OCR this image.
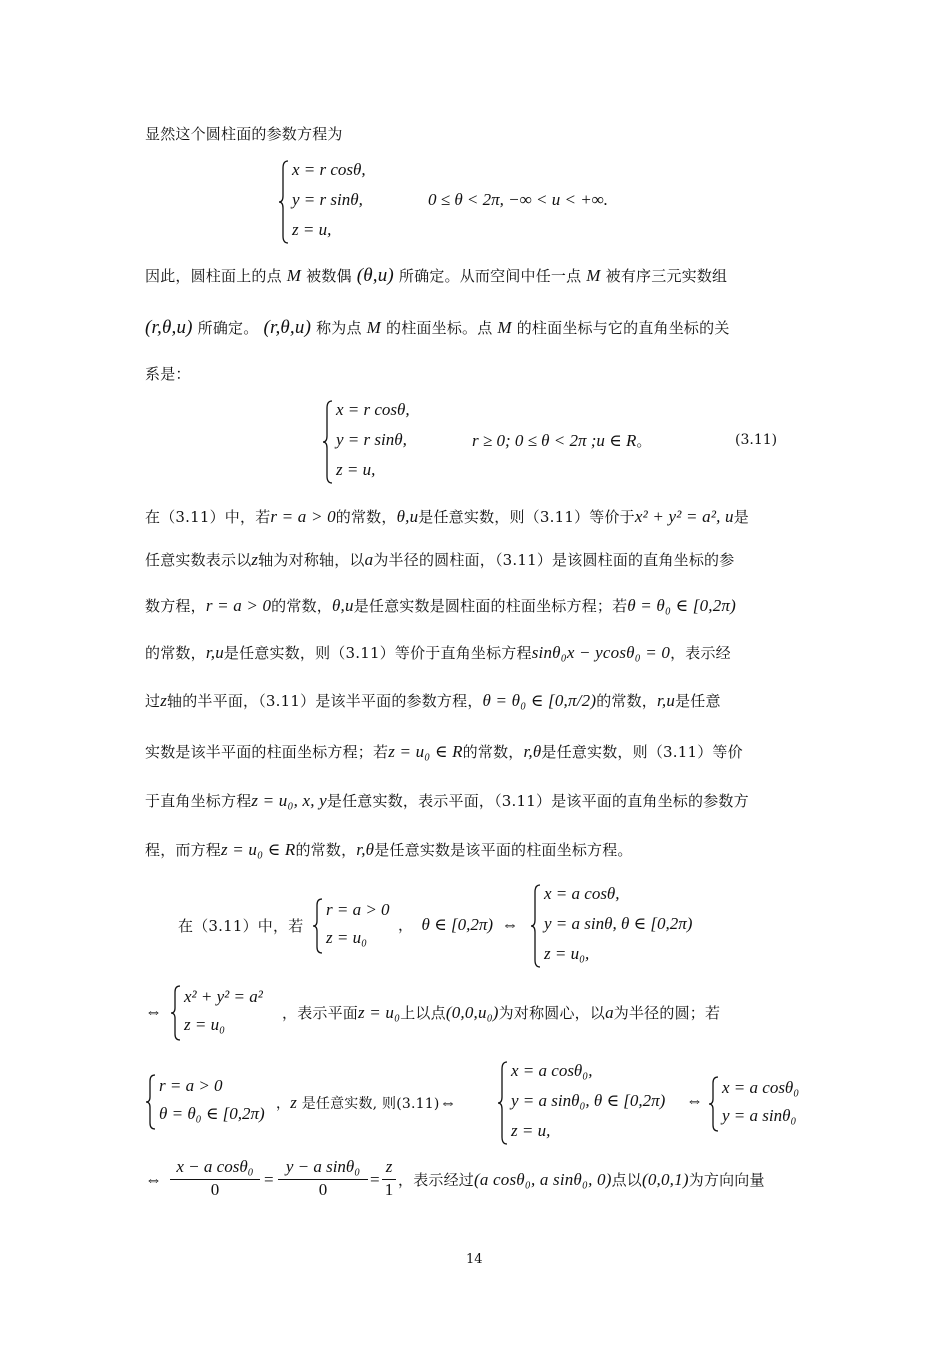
显然这个圆柱面的参数方程为
x = r cosθ,
y = r sinθ,
z = u,
0 ≤ θ < 2π, −∞ < u < +∞.
因此，圆柱面上的点 M 被数偶 (θ,u) 所确定。从而空间中任一点 M 被有序三元实数组
(r,θ,u) 所确定。 (r,θ,u) 称为点 M 的柱面坐标。点 M 的柱面坐标与它的直角坐标的关
系是：
x = r cosθ,
y = r sinθ,
z = u,
r ≥ 0; 0 ≤ θ < 2π ;u ∈ R。	(3.11)
在（3.11）中，若r = a > 0的常数，θ,u是任意实数，则（3.11）等价于x² + y² = a², u是
任意实数表示以z轴为对称轴，以a为半径的圆柱面，（3.11）是该圆柱面的直角坐标的参
数方程，r = a > 0的常数，θ,u是任意实数是圆柱面的柱面坐标方程；若θ = θ₀ ∈ [0,2π)
的常数，r,u是任意实数，则（3.11）等价于直角坐标方程sinθ₀x − ycosθ₀ = 0，表示经
过z轴的半平面，（3.11）是该半平面的参数方程，θ = θ₀ ∈ [0,π/2)的常数，r,u是任意
实数是该半平面的柱面坐标方程；若z = u₀ ∈ R的常数，r,θ是任意实数，则（3.11）等价
于直角坐标方程z = u₀, x, y是任意实数，表示平面，（3.11）是该平面的直角坐标的参数方
程，而方程z = u₀ ∈ R的常数，r,θ是任意实数是该平面的柱面坐标方程。
在（3.11）中，若
r = a > 0
z = u₀
， θ ∈ [0,2π) ⇔
x = a cosθ,
y = a sinθ, θ ∈ [0,2π)
z = u₀,
⇔
x² + y² = a²
z = u₀
，表示平面z = u₀上以点(0,0,u₀)为对称圆心，以a为半径的圆；若
r = a > 0
θ = θ₀ ∈ [0,2π) ，z 是任意实数, 则(3.11)⇔
x = a cosθ₀,
y = a sinθ₀, θ ∈ [0,2π)
z = u,
⇔
x = a cosθ₀
y = a sinθ₀
⇔
x − a cosθ₀
0
=
y − a sinθ₀
0
=
z
1 ，表示经过(a cosθ₀, a sinθ₀, 0)点以(0,0,1)为方向向量
14
